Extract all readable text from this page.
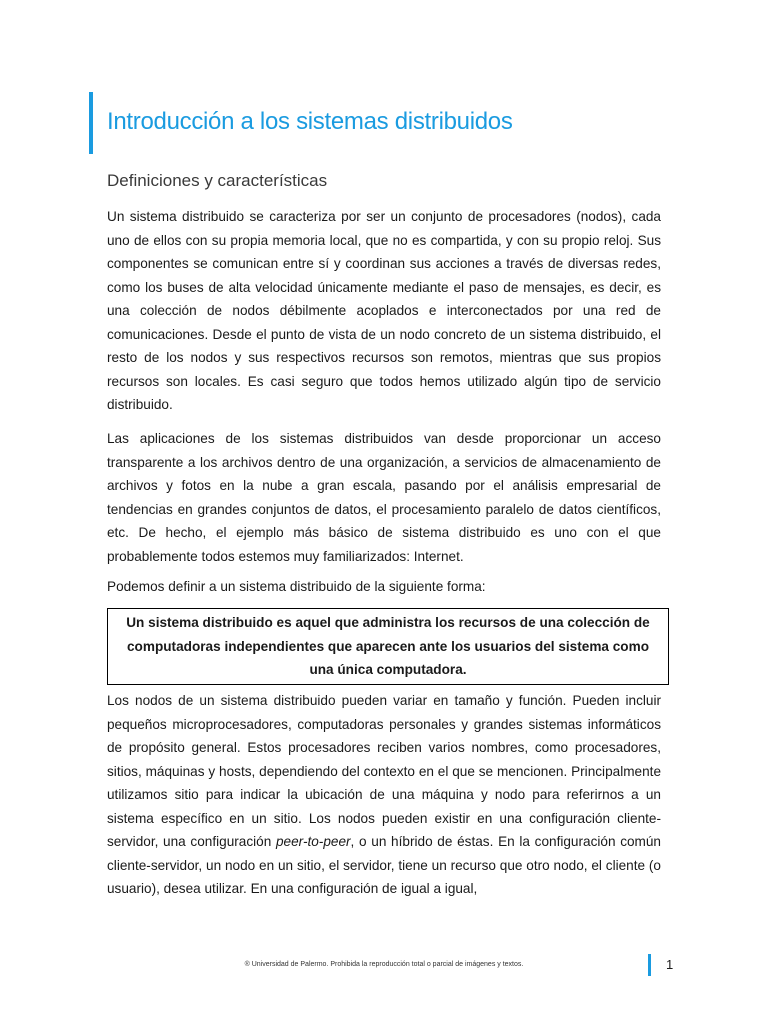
Introducción a los sistemas distribuidos
Definiciones y características

Un sistema distribuido se caracteriza por ser un conjunto de procesadores (nodos), cada uno de ellos con su propia memoria local, que no es compartida, y con su propio reloj. Sus componentes se comunican entre sí y coordinan sus acciones a través de diversas redes, como los buses de alta velocidad únicamente mediante el paso de mensajes, es decir, es una colección de nodos débilmente acoplados e interconectados por una red de comunicaciones. Desde el punto de vista de un nodo concreto de un sistema distribuido, el resto de los nodos y sus respectivos recursos son remotos, mientras que sus propios recursos son locales. Es casi seguro que todos hemos utilizado algún tipo de servicio distribuido.

Las aplicaciones de los sistemas distribuidos van desde proporcionar un acceso transparente a los archivos dentro de una organización, a servicios de almacenamiento de archivos y fotos en la nube a gran escala, pasando por el análisis empresarial de tendencias en grandes conjuntos de datos, el procesamiento paralelo de datos científicos, etc. De hecho, el ejemplo más básico de sistema distribuido es uno con el que probablemente todos estemos muy familiarizados: Internet.

Podemos definir a un sistema distribuido de la siguiente forma:

Un sistema distribuido es aquel que administra los recursos de una colección de computadoras independientes que aparecen ante los usuarios del sistema como una única computadora.

Los nodos de un sistema distribuido pueden variar en tamaño y función. Pueden incluir pequeños microprocesadores, computadoras personales y grandes sistemas informáticos de propósito general. Estos procesadores reciben varios nombres, como procesadores, sitios, máquinas y hosts, dependiendo del contexto en el que se mencionen. Principalmente utilizamos sitio para indicar la ubicación de una máquina y nodo para referirnos a un sistema específico en un sitio. Los nodos pueden existir en una configuración cliente-servidor, una configuración peer-to-peer, o un híbrido de éstas. En la configuración común cliente-servidor, un nodo en un sitio, el servidor, tiene un recurso que otro nodo, el cliente (o usuario), desea utilizar. En una configuración de igual a igual,

® Universidad de Palermo. Prohibida la reproducción total o parcial de imágenes y textos.	1
